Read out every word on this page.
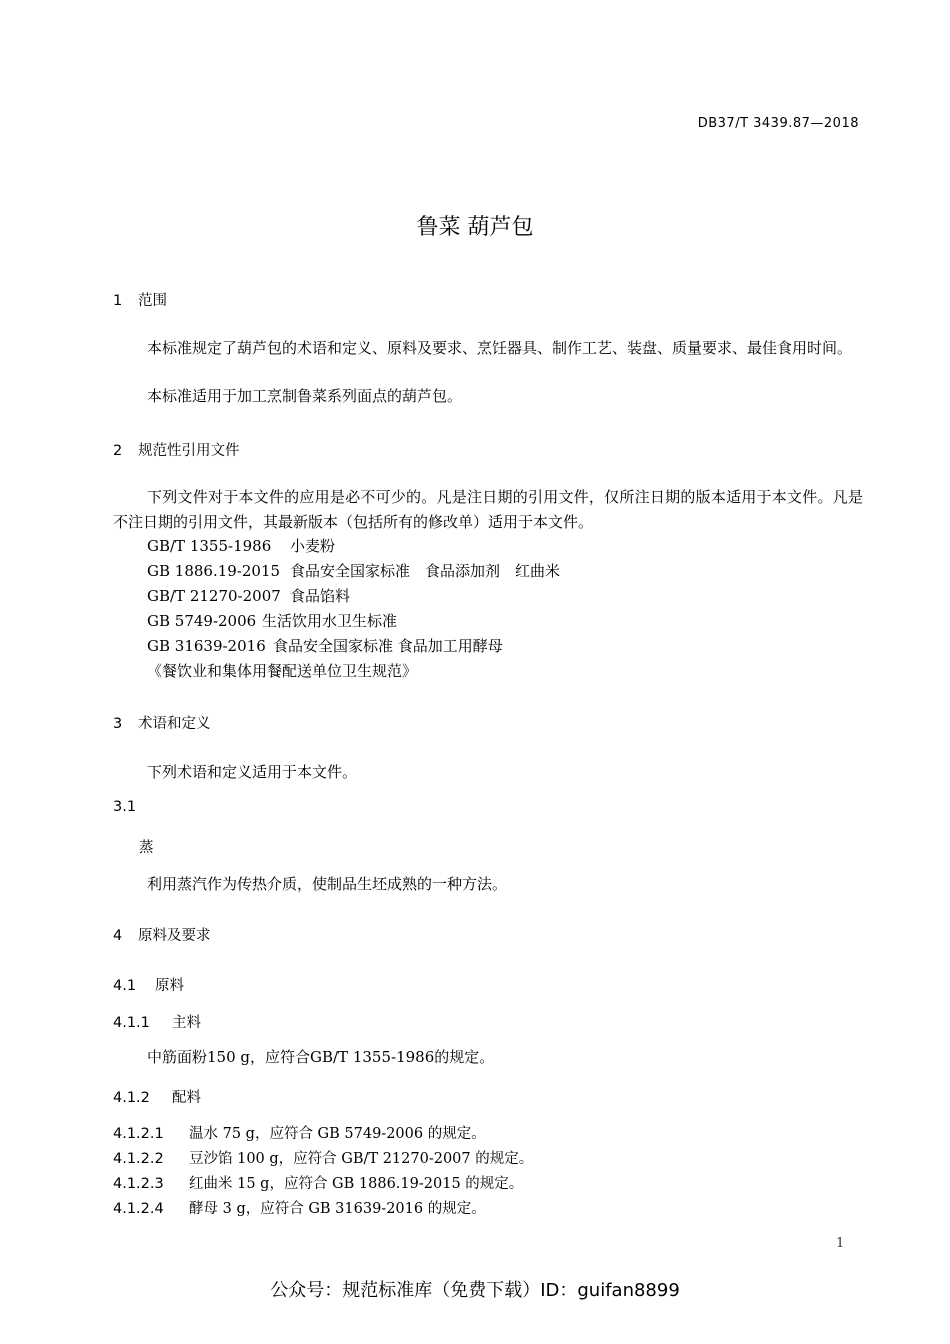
DB37/T 3439.87—2018
鲁菜 葫芦包
1 范围
本标准规定了葫芦包的术语和定义、原料及要求、烹饪器具、制作工艺、装盘、质量要求、最佳食用时间。
本标准适用于加工烹制鲁菜系列面点的葫芦包。
2 规范性引用文件
下列文件对于本文件的应用是必不可少的。凡是注日期的引用文件，仅所注日期的版本适用于本文件。凡是不注日期的引用文件，其最新版本（包括所有的修改单）适用于本文件。
GB/T 1355-1986 小麦粉
GB 1886.19-2015 食品安全国家标准　食品添加剂　红曲米
GB/T 21270-2007 食品馅料
GB 5749-2006 生活饮用水卫生标准
GB 31639-2016 食品安全国家标准 食品加工用酵母
《餐饮业和集体用餐配送单位卫生规范》
3 术语和定义
下列术语和定义适用于本文件。
3.1
蒸
利用蒸汽作为传热介质，使制品生坯成熟的一种方法。
4 原料及要求
4.1 原料
4.1.1 主料
中筋面粉150 g，应符合GB/T 1355-1986的规定。
4.1.2 配料
4.1.2.1 温水 75 g，应符合 GB 5749-2006 的规定。
4.1.2.2 豆沙馅 100 g，应符合 GB/T 21270-2007 的规定。
4.1.2.3 红曲米 15 g，应符合 GB 1886.19-2015 的规定。
4.1.2.4 酵母 3 g，应符合 GB 31639-2016 的规定。
1
公众号：规范标准库（免费下载）ID：guifan8899
